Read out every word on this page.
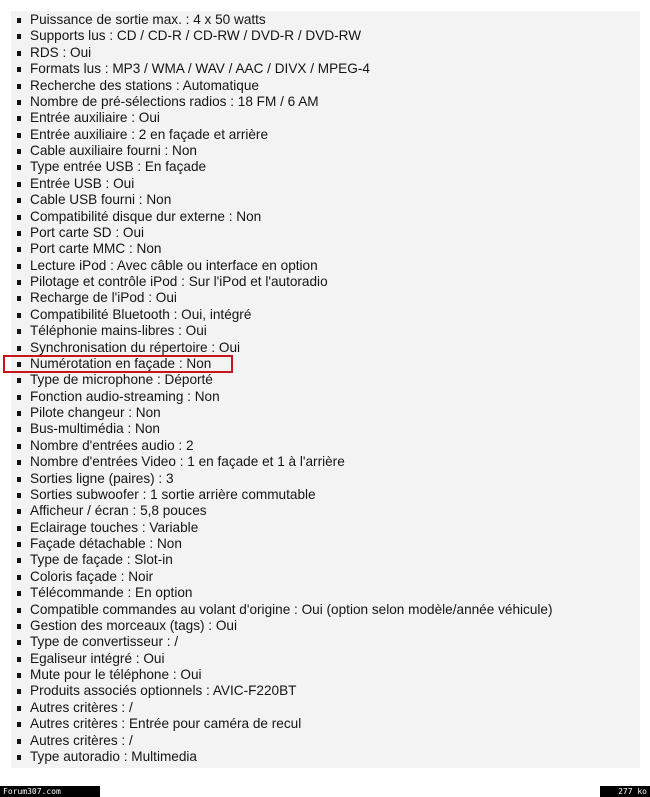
Puissance de sortie max. : 4 x 50 watts
Supports lus : CD / CD-R / CD-RW / DVD-R / DVD-RW
RDS : Oui
Formats lus : MP3 / WMA / WAV / AAC / DIVX / MPEG-4
Recherche des stations : Automatique
Nombre de pré-sélections radios : 18 FM / 6 AM
Entrée auxiliaire : Oui
Entrée auxiliaire : 2 en façade et arrière
Cable auxiliaire fourni : Non
Type entrée USB : En façade
Entrée USB : Oui
Cable USB fourni : Non
Compatibilité disque dur externe : Non
Port carte SD : Oui
Port carte MMC : Non
Lecture iPod : Avec câble ou interface en option
Pilotage et contrôle iPod : Sur l'iPod et l'autoradio
Recharge de l'iPod : Oui
Compatibilité Bluetooth : Oui, intégré
Téléphonie mains-libres : Oui
Synchronisation du répertoire : Oui
Numérotation en façade : Non
Type de microphone : Déporté
Fonction audio-streaming : Non
Pilote changeur : Non
Bus-multimédia : Non
Nombre d'entrées audio : 2
Nombre d'entrées Video : 1 en façade et 1 à l'arrière
Sorties ligne (paires) : 3
Sorties subwoofer : 1 sortie arrière commutable
Afficheur / écran : 5,8 pouces
Eclairage touches : Variable
Façade détachable : Non
Type de façade : Slot-in
Coloris façade : Noir
Télécommande : En option
Compatible commandes au volant d'origine : Oui (option selon modèle/année véhicule)
Gestion des morceaux (tags) : Oui
Type de convertisseur : /
Egaliseur intégré : Oui
Mute pour le téléphone : Oui
Produits associés optionnels : AVIC-F220BT
Autres critères : /
Autres critères : Entrée pour caméra de recul
Autres critères : /
Type autoradio : Multimedia
Forum307.com	277 ko
